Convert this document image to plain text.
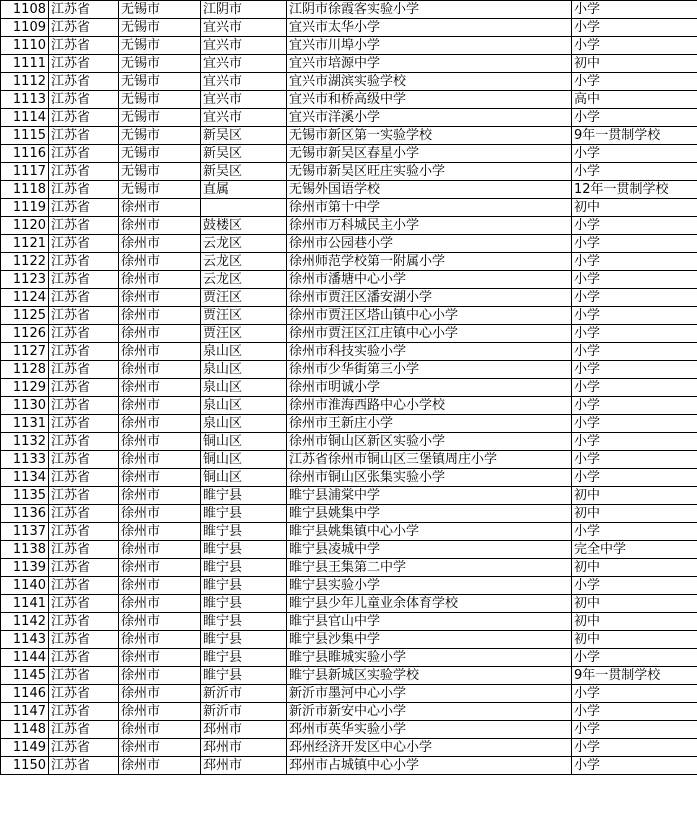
1108	江苏省	无锡市	江阴市	江阴市徐霞客实验小学	小学
1109	江苏省	无锡市	宜兴市	宜兴市太华小学	小学
1110	江苏省	无锡市	宜兴市	宜兴市川埠小学	小学
1111	江苏省	无锡市	宜兴市	宜兴市培源中学	初中
1112	江苏省	无锡市	宜兴市	宜兴市湖滨实验学校	小学
1113	江苏省	无锡市	宜兴市	宜兴市和桥高级中学	高中
1114	江苏省	无锡市	宜兴市	宜兴市洋溪小学	小学
1115	江苏省	无锡市	新吴区	无锡市新区第一实验学校	9年一贯制学校
1116	江苏省	无锡市	新吴区	无锡市新吴区春星小学	小学
1117	江苏省	无锡市	新吴区	无锡市新吴区旺庄实验小学	小学
1118	江苏省	无锡市	直属	无锡外国语学校	12年一贯制学校
1119	江苏省	徐州市		徐州市第十中学	初中
1120	江苏省	徐州市	鼓楼区	徐州市万科城民主小学	小学
1121	江苏省	徐州市	云龙区	徐州市公园巷小学	小学
1122	江苏省	徐州市	云龙区	徐州师范学校第一附属小学	小学
1123	江苏省	徐州市	云龙区	徐州市潘塘中心小学	小学
1124	江苏省	徐州市	贾汪区	徐州市贾汪区潘安湖小学	小学
1125	江苏省	徐州市	贾汪区	徐州市贾汪区塔山镇中心小学	小学
1126	江苏省	徐州市	贾汪区	徐州市贾汪区江庄镇中心小学	小学
1127	江苏省	徐州市	泉山区	徐州市科技实验小学	小学
1128	江苏省	徐州市	泉山区	徐州市少华街第三小学	小学
1129	江苏省	徐州市	泉山区	徐州市明诚小学	小学
1130	江苏省	徐州市	泉山区	徐州市淮海西路中心小学校	小学
1131	江苏省	徐州市	泉山区	徐州市王新庄小学	小学
1132	江苏省	徐州市	铜山区	徐州市铜山区新区实验小学	小学
1133	江苏省	徐州市	铜山区	江苏省徐州市铜山区三堡镇周庄小学	小学
1134	江苏省	徐州市	铜山区	徐州市铜山区张集实验小学	小学
1135	江苏省	徐州市	睢宁县	睢宁县浦棠中学	初中
1136	江苏省	徐州市	睢宁县	睢宁县姚集中学	初中
1137	江苏省	徐州市	睢宁县	睢宁县姚集镇中心小学	小学
1138	江苏省	徐州市	睢宁县	睢宁县凌城中学	完全中学
1139	江苏省	徐州市	睢宁县	睢宁县王集第二中学	初中
1140	江苏省	徐州市	睢宁县	睢宁县实验小学	小学
1141	江苏省	徐州市	睢宁县	睢宁县少年儿童业余体育学校	初中
1142	江苏省	徐州市	睢宁县	睢宁县官山中学	初中
1143	江苏省	徐州市	睢宁县	睢宁县沙集中学	初中
1144	江苏省	徐州市	睢宁县	睢宁县睢城实验小学	小学
1145	江苏省	徐州市	睢宁县	睢宁县新城区实验学校	9年一贯制学校
1146	江苏省	徐州市	新沂市	新沂市墨河中心小学	小学
1147	江苏省	徐州市	新沂市	新沂市新安中心小学	小学
1148	江苏省	徐州市	邳州市	邳州市英华实验小学	小学
1149	江苏省	徐州市	邳州市	邳州经济开发区中心小学	小学
1150	江苏省	徐州市	邳州市	邳州市占城镇中心小学	小学
